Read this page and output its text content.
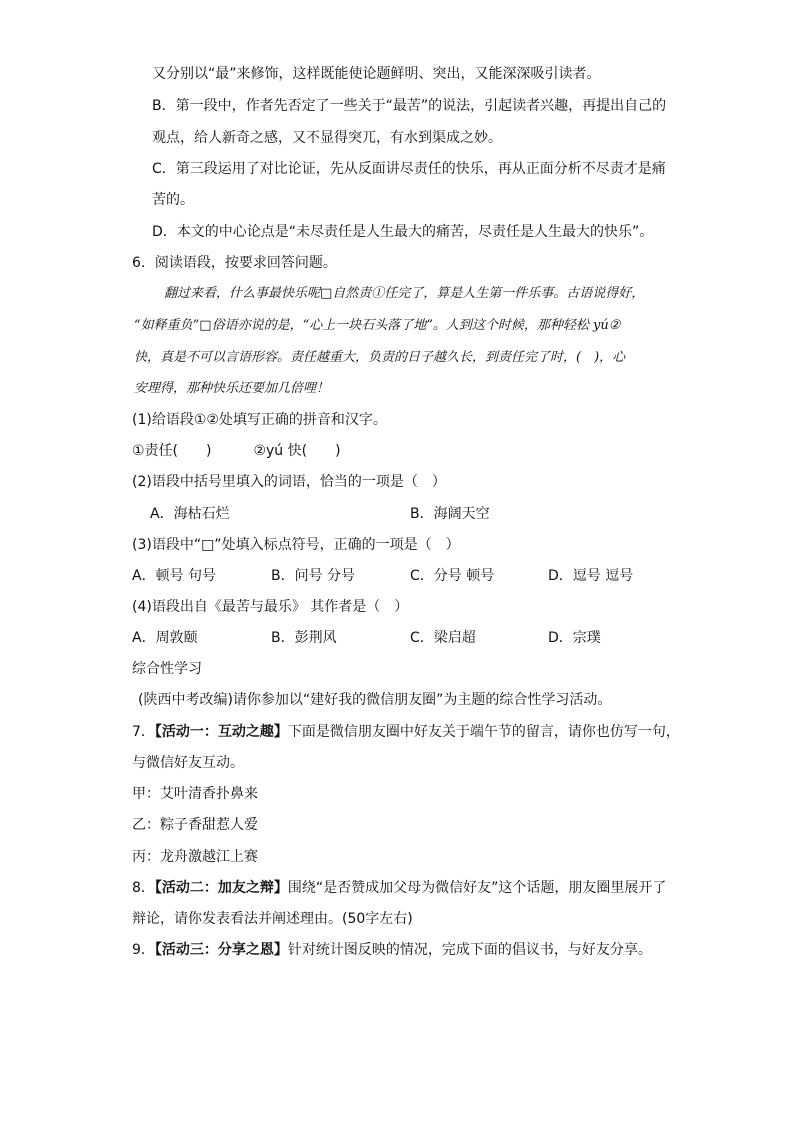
又分别以“最”来修饰，这样既能使论题鲜明、突出，又能深深吸引读者。
B．第一段中，作者先否定了一些关于“最苦”的说法，引起读者兴趣，再提出自己的
观点，给人新奇之感，又不显得突兀，有水到渠成之妙。
C．第三段运用了对比论证，先从反面讲尽责任的快乐，再从正面分析不尽责才是痛
苦的。
D．本文的中心论点是“未尽责任是人生最大的痛苦，尽责任是人生最大的快乐”。
6．阅读语段，按要求回答问题。
翻过来看，什么事最快乐呢□自然责①任完了，算是人生第一件乐事。古语说得好，
“如释重负”□俗语亦说的是，“心上一块石头落了地”。人到这个时候，那种轻松 yú②
快，真是不可以言语形容。责任越重大，负责的日子越久长，到责任完了时，(　)，心
安理得，那种快乐还要加几倍哩！
(1)给语段①②处填写正确的拼音和汉字。
①责任(　　)　　　②yú 快(　　)
(2)语段中括号里填入的词语，恰当的一项是（　）
A．海枯石烂	B．海阔天空
(3)语段中“□”处填入标点符号，正确的一项是（　）
A．顿号 句号	B．问号 分号	C．分号 顿号	D．逗号 逗号
(4)语段出自《最苦与最乐》 其作者是（　）
A．周敦颐	B．彭荆风	C．梁启超	D．宗璞
综合性学习
(陕西中考改编)请你参加以“建好我的微信朋友圈”为主题的综合性学习活动。
7．【活动一：互动之趣】下面是微信朋友圈中好友关于端午节的留言，请你也仿写一句，
与微信好友互动。
甲：艾叶清香扑鼻来
乙：粽子香甜惹人爱
丙：龙舟激越江上赛
8．【活动二：加友之辩】围绕“是否赞成加父母为微信好友”这个话题，朋友圈里展开了
辩论，请你发表看法并阐述理由。(50字左右)
9．【活动三：分享之恩】针对统计图反映的情况，完成下面的倡议书，与好友分享。
